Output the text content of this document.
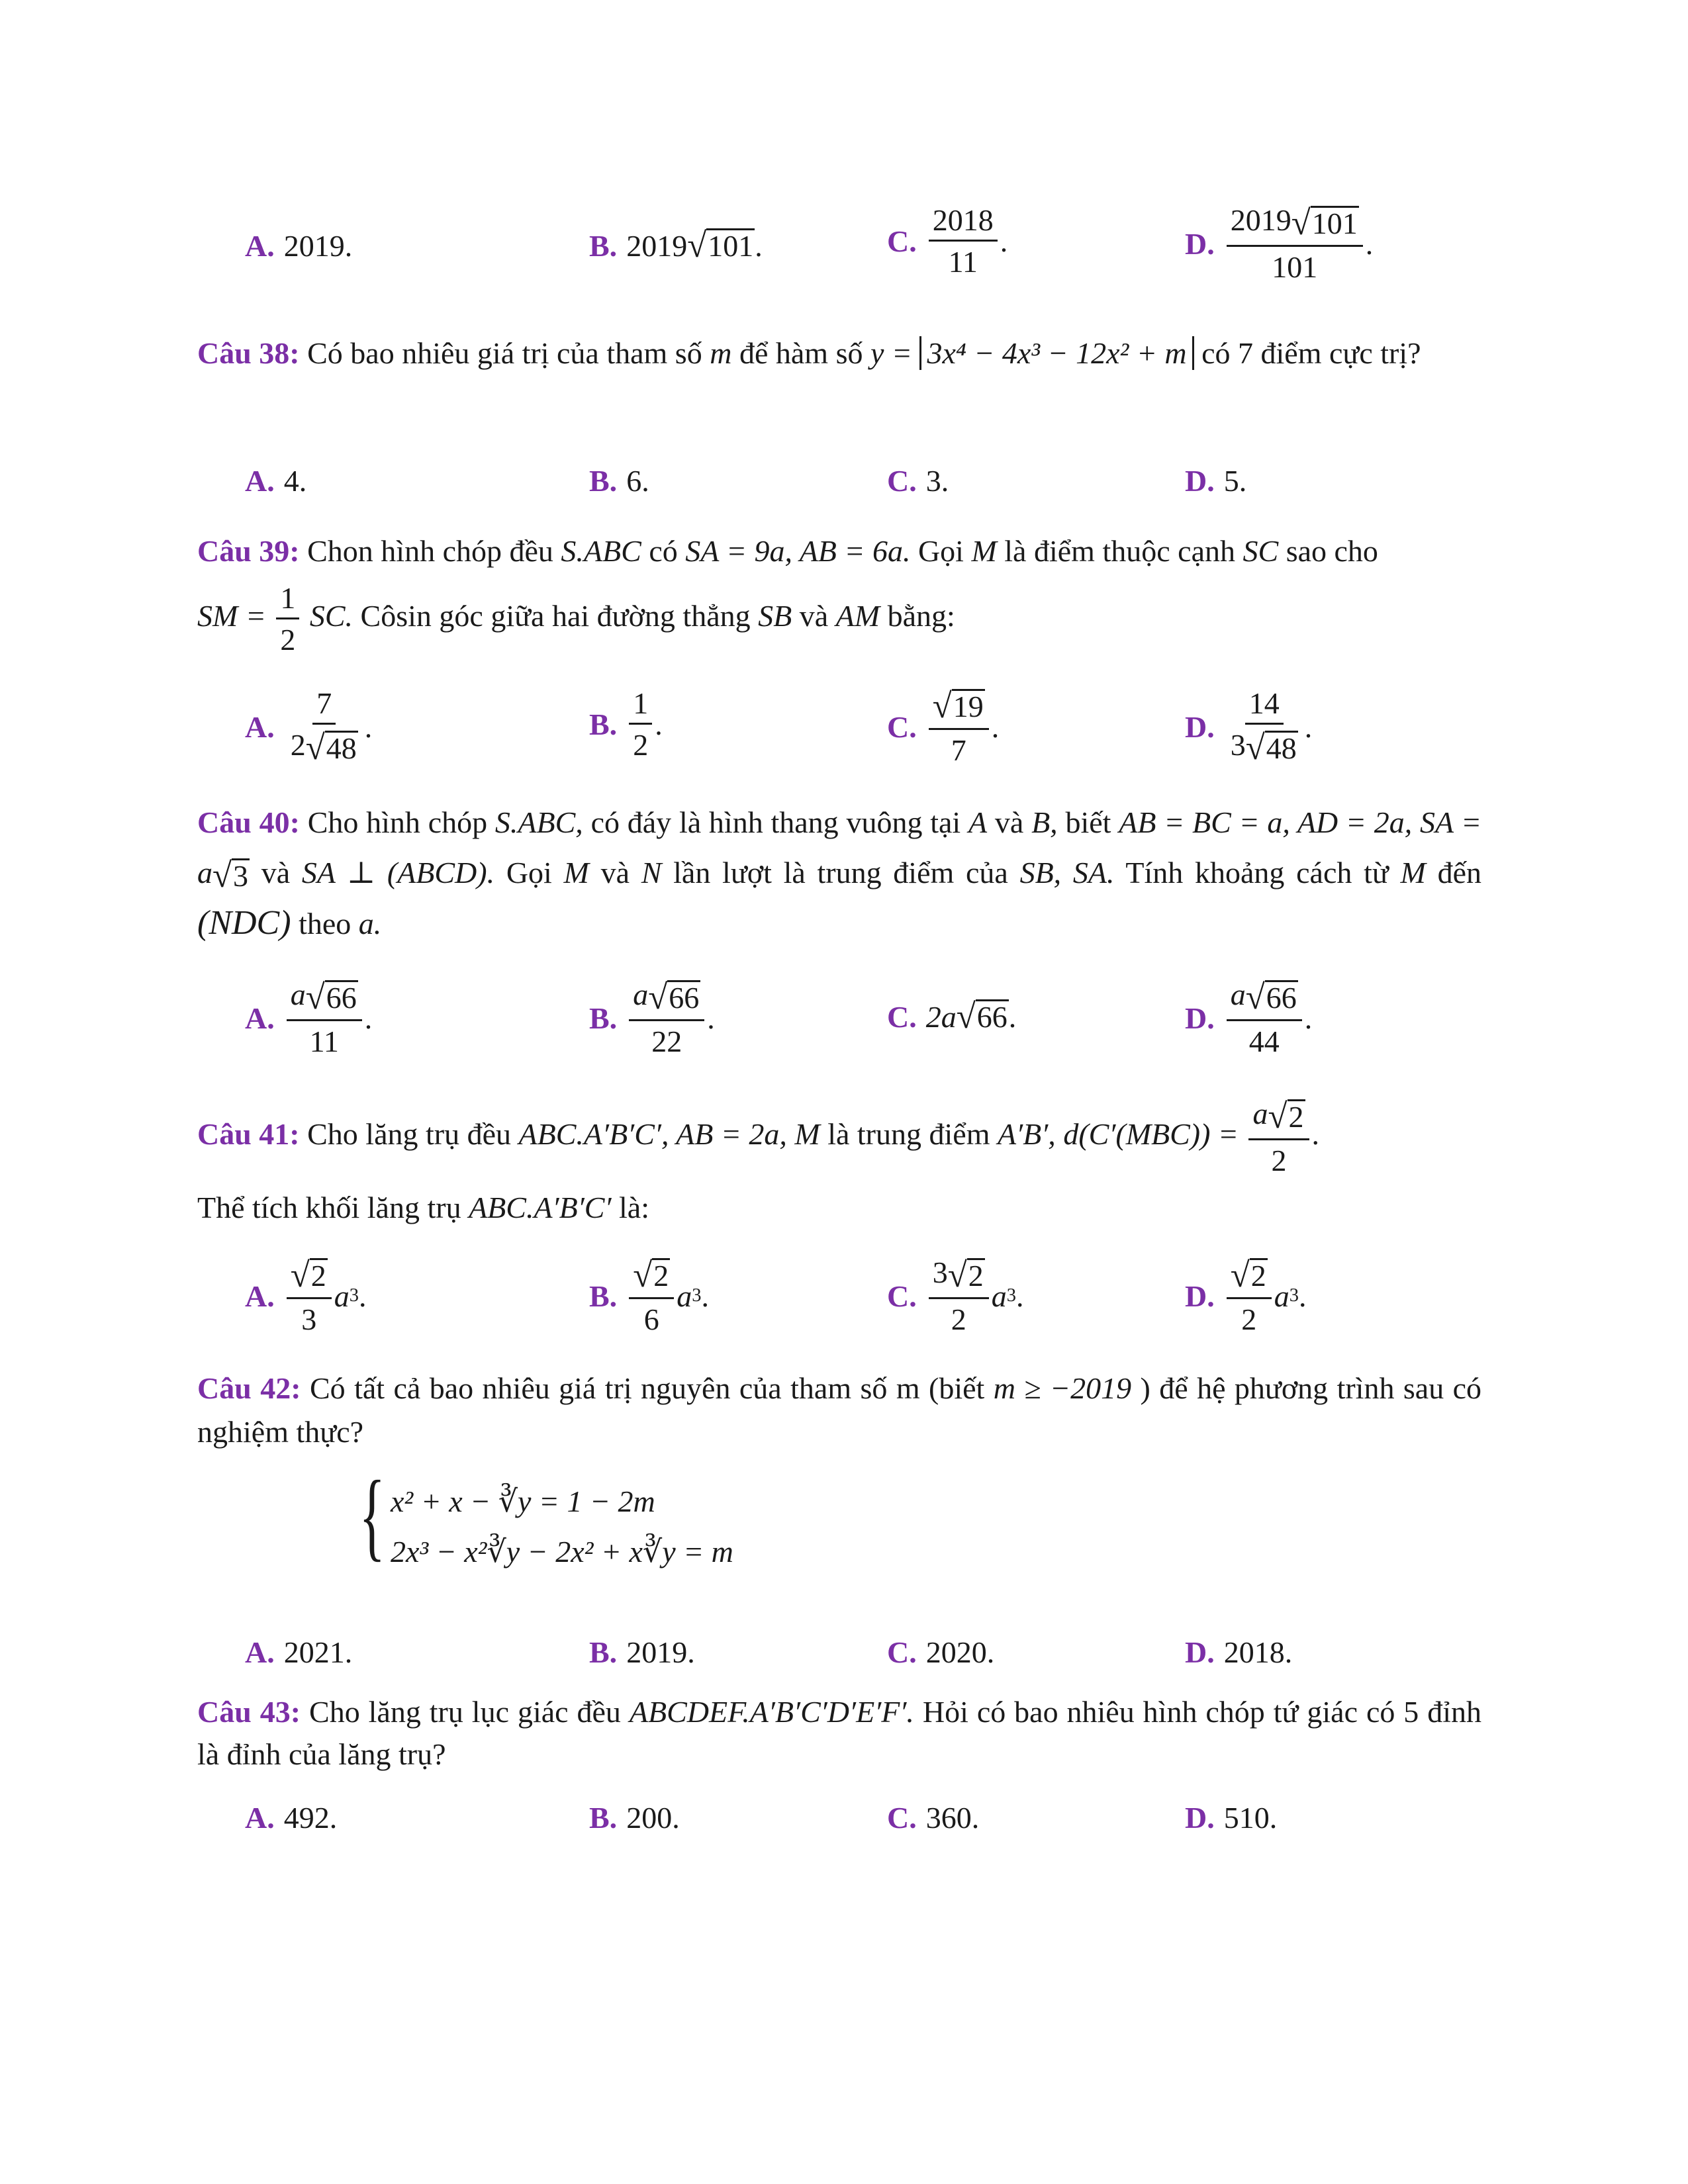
A. 2019.	B. 2019 √ 101 .	C. $\frac{2018}{11}$ .	D. $\frac{2019 √ 101}{101}$ .
Câu 38: Có bao nhiêu giá trị của tham số m để hàm số y = 3x⁴ − 4x³ − 12x² + m có 7 điểm cực trị?
A. 4.	B. 6.	C. 3.	D. 5.
Câu 39: Chon hình chóp đều S.ABC có SA = 9a, AB = 6a. Gọi M là điểm thuộc cạnh SC sao cho
SM = $\frac{1}{2}$ SC. Côsin góc giữa hai đường thẳng SB và AM bằng:
A. $\frac{7}{2 √ 48}$ .	B. $\frac{1}{2}$ .	C. $\frac{√ 19}{7}$ .	D. $\frac{14}{3 √ 48}$ .
Câu 40: Cho hình chóp S.ABC, có đáy là hình thang vuông tại A và B, biết AB = BC = a, AD = 2a, SA = a √ 3 và SA ⊥ (ABCD). Gọi M và N lần lượt là trung điểm của SB, SA. Tính khoảng cách từ M đến (NDC) theo a.
A. $\frac{a √ 66}{11}$ .	B. $\frac{a √ 66}{22}$ .	C. 2a √ 66 .	D. $\frac{a √ 66}{44}$ .
Câu 41: Cho lăng trụ đều ABC.A′B′C′, AB = 2a, M là trung điểm A′B′, $d(C'(MBC)) = \frac{a √ 2}{2}$ .
Thể tích khối lăng trụ ABC.A′B′C′ là:
A. $\frac{√ 2}{3}$ a 3 .	B. $\frac{√ 2}{6}$ a 3 .	C. $\frac{3 √ 2}{2}$ a 3 .	D. $\frac{√ 2}{2}$ a 3 .
Câu 42: Có tất cả bao nhiêu giá trị nguyên của tham số m (biết m ≥ −2019 ) để hệ phương trình sau có nghiệm thực?
{ x² + x − ∛y = 1 − 2m
2x³ − x²∛y − 2x² + x∛y = m
A. 2021.	B. 2019.	C. 2020.	D. 2018.
Câu 43: Cho lăng trụ lục giác đều ABCDEF.A′B′C′D′E′F′. Hỏi có bao nhiêu hình chóp tứ giác có 5 đỉnh là đỉnh của lăng trụ?
A. 492.	B. 200.	C. 360.	D. 510.
